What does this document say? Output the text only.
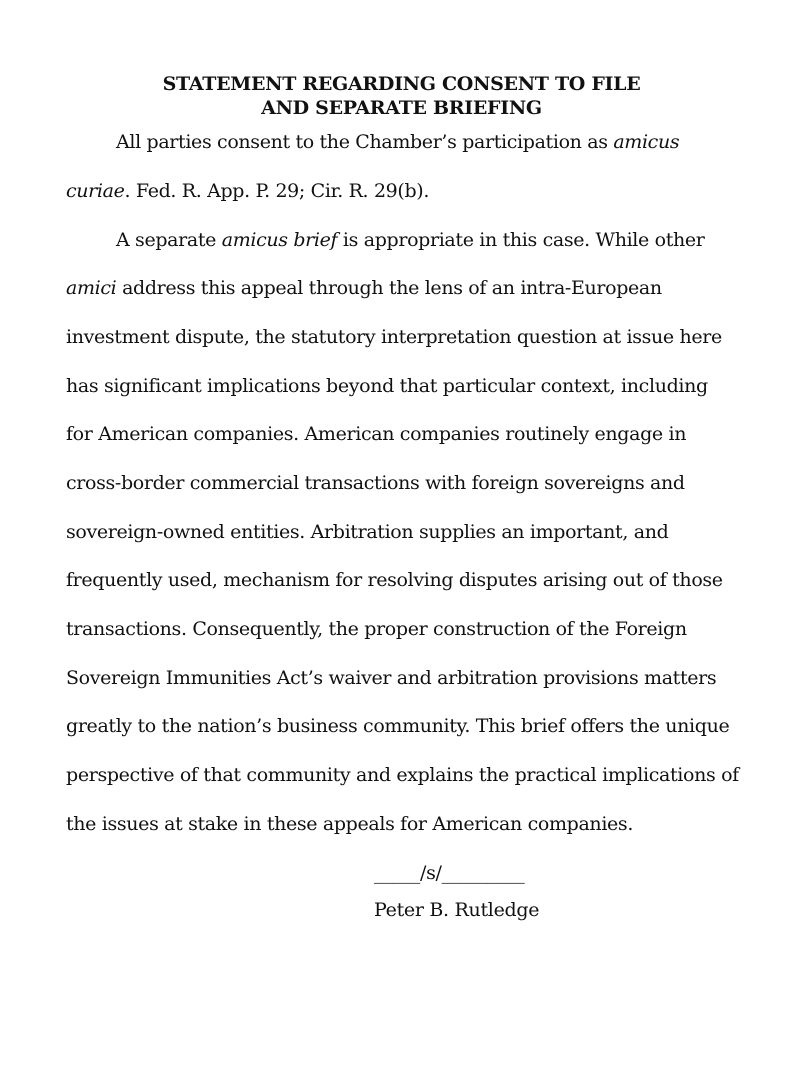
STATEMENT REGARDING CONSENT TO FILE
AND SEPARATE BRIEFING
All parties consent to the Chamber’s participation as amicus
curiae. Fed. R. App. P. 29; Cir. R. 29(b).
A separate amicus brief is appropriate in this case. While other
amici address this appeal through the lens of an intra-European
investment dispute, the statutory interpretation question at issue here
has significant implications beyond that particular context, including
for American companies. American companies routinely engage in
cross-border commercial transactions with foreign sovereigns and
sovereign-owned entities. Arbitration supplies an important, and
frequently used, mechanism for resolving disputes arising out of those
transactions. Consequently, the proper construction of the Foreign
Sovereign Immunities Act’s waiver and arbitration provisions matters
greatly to the nation’s business community. This brief offers the unique
perspective of that community and explains the practical implications of
the issues at stake in these appeals for American companies.
_____/s/_________
Peter B. Rutledge
